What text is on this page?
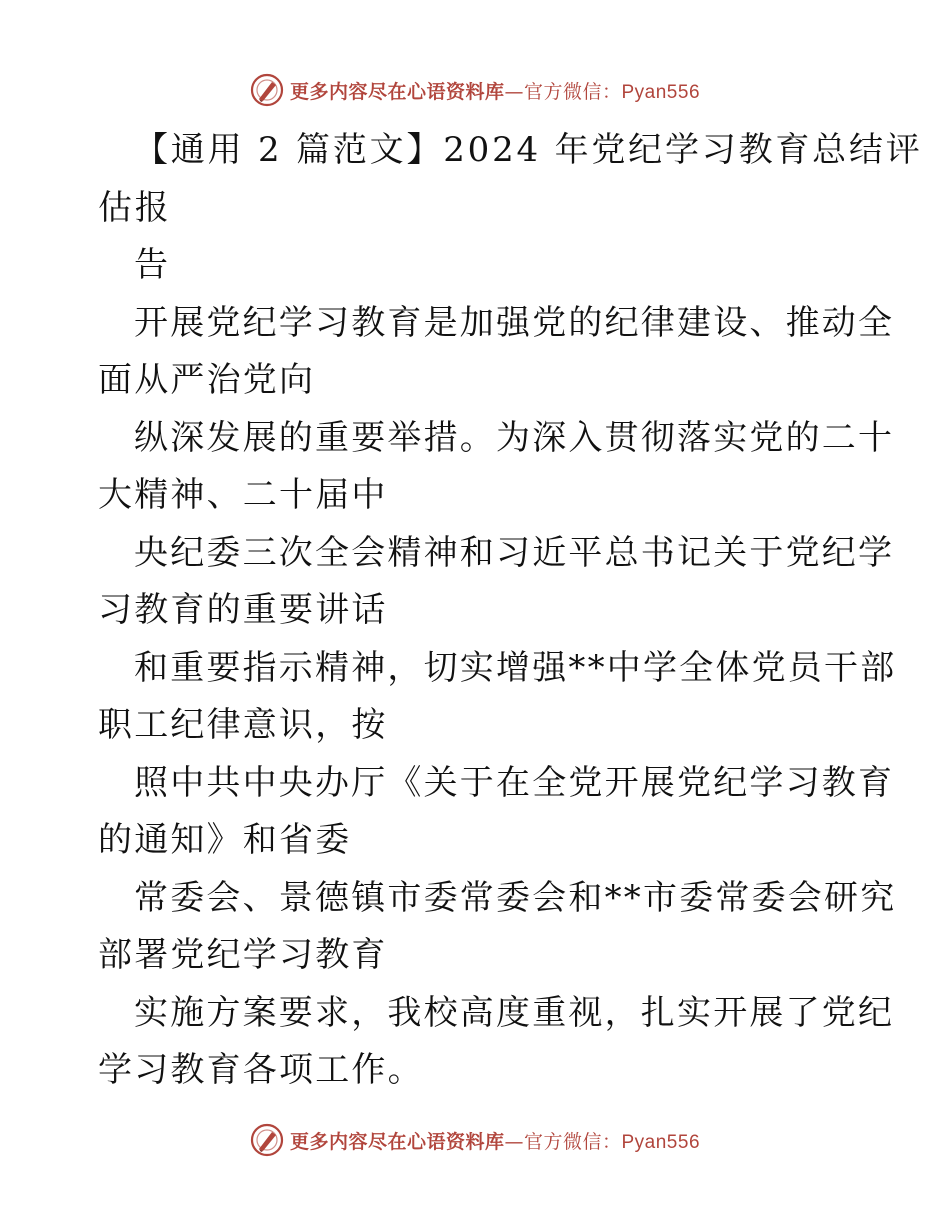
更多内容尽在心语资料库—官方微信：Pyan556
【通用 2 篇范文】2024 年党纪学习教育总结评
估报
告
开展党纪学习教育是加强党的纪律建设、推动全
面从严治党向
纵深发展的重要举措。为深入贯彻落实党的二十
大精神、二十届中
央纪委三次全会精神和习近平总书记关于党纪学
习教育的重要讲话
和重要指示精神，切实增强**中学全体党员干部
职工纪律意识，按
照中共中央办厅《关于在全党开展党纪学习教育
的通知》和省委
常委会、景德镇市委常委会和**市委常委会研究
部署党纪学习教育
实施方案要求，我校高度重视，扎实开展了党纪
学习教育各项工作。
更多内容尽在心语资料库—官方微信：Pyan556
